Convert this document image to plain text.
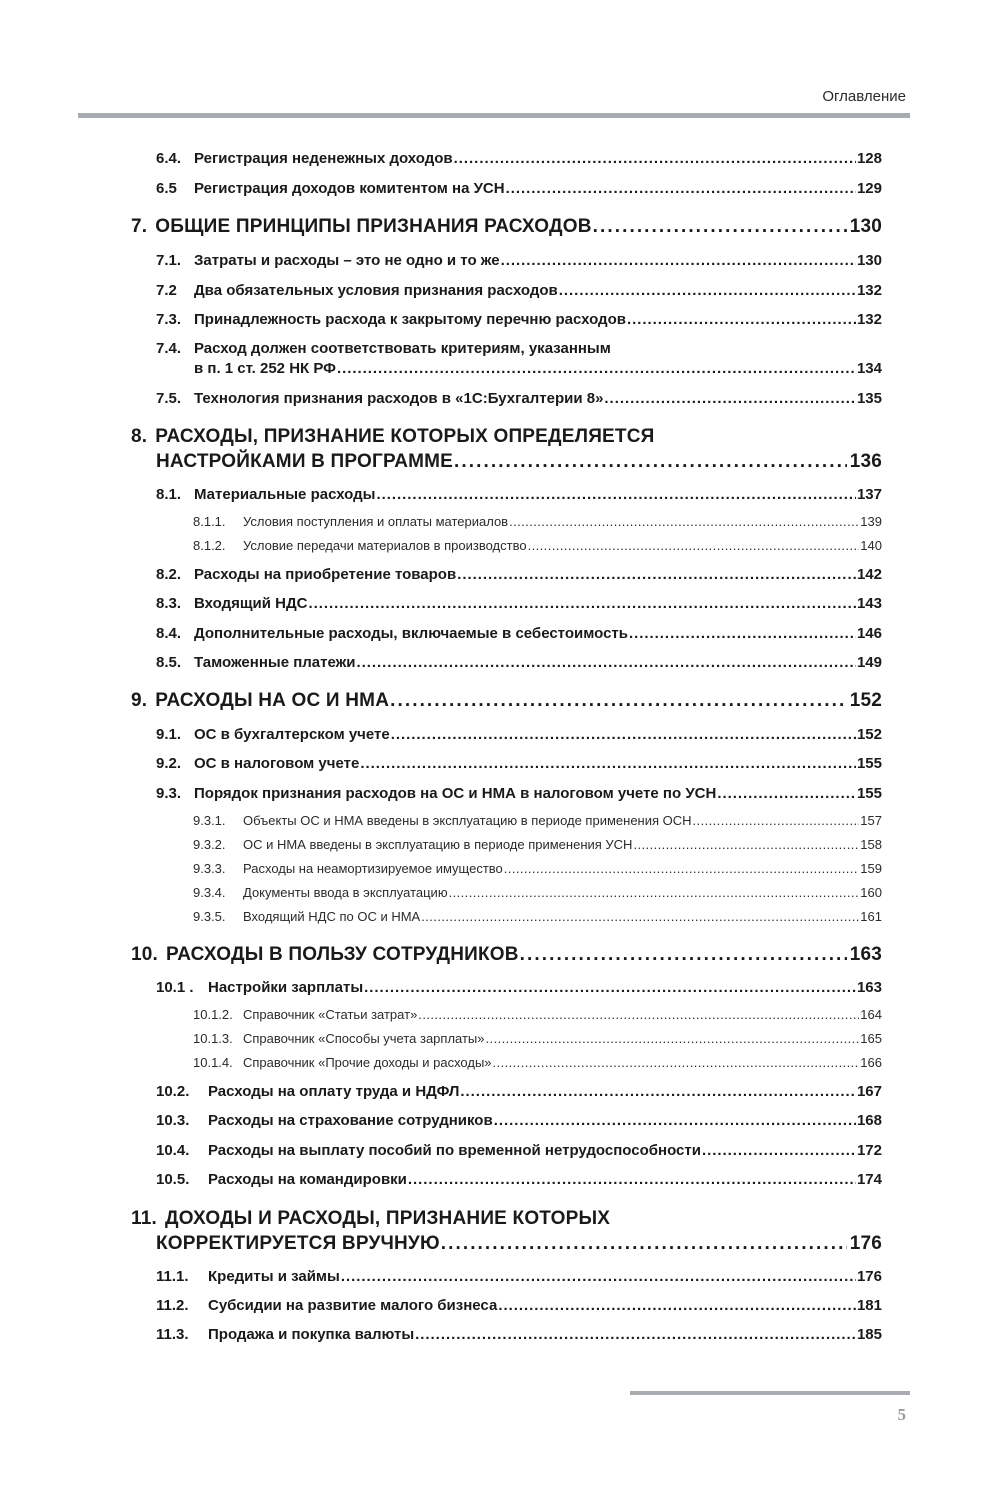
Оглавление
6.4. Регистрация неденежных доходов . . .	128
6.5	Регистрация доходов комитентом на УСН . . .	129
7. ОБЩИЕ ПРИНЦИПЫ ПРИЗНАНИЯ РАСХОДОВ . . .	130
7.1. Затраты и расходы – это не одно и то же . . .	130
7.2	Два обязательных условия признания расходов . . .	132
7.3. Принадлежность расхода к закрытому перечню расходов . . .	132
7.4. Расход должен соответствовать критериям, указанным
в п. 1 ст. 252 НК РФ . . .	134
7.5. Технология признания расходов в «1С:Бухгалтерии 8» . . .	135
8. РАСХОДЫ, ПРИЗНАНИЕ КОТОРЫХ ОПРЕДЕЛЯЕТСЯ
НАСТРОЙКАМИ В ПРОГРАММЕ . . .	136
8.1. Материальные расходы . . .	137
8.1.1.	Условия поступления и оплаты материалов . . .	139
8.1.2.	Условие передачи материалов в производство . . .	140
8.2. Расходы на приобретение товаров . . .	142
8.3. Входящий НДС . . .	143
8.4. Дополнительные расходы, включаемые в себестоимость . . .	146
8.5. Таможенные платежи . . .	149
9. РАСХОДЫ НА ОС И НМА . . .	152
9.1. ОС в бухгалтерском учете . . .	152
9.2. ОС в налоговом учете . . .	155
9.3. Порядок признания расходов на ОС и НМА в налоговом учете по УСН . . .	155
9.3.1.	Объекты ОС и НМА введены в эксплуатацию в периоде применения ОСН . . .	157
9.3.2.	ОС и НМА введены в эксплуатацию в периоде применения УСН . . .	158
9.3.3.	Расходы на неамортизируемое имущество . . .	159
9.3.4.	Документы ввода в эксплуатацию . . .	160
9.3.5.	Входящий НДС по ОС и НМА . . .	161
10. РАСХОДЫ В ПОЛЬЗУ СОТРУДНИКОВ . . .	163
10.1 . Настройки зарплаты . . .	163
10.1.2. Справочник «Статьи затрат» . . .	164
10.1.3. Справочник «Способы учета зарплаты» . . .	165
10.1.4. Справочник «Прочие доходы и расходы» . . .	166
10.2.	Расходы на оплату труда и НДФЛ . . .	167
10.3.	Расходы на страхование сотрудников . . .	168
10.4.	Расходы на выплату пособий по временной нетрудоспособности . . .	172
10.5.	Расходы на командировки . . .	174
11. ДОХОДЫ И РАСХОДЫ, ПРИЗНАНИЕ КОТОРЫХ
КОРРЕКТИРУЕТСЯ ВРУЧНУЮ . . .	176
11.1.	Кредиты и займы . . .	176
11.2.	Субсидии на развитие малого бизнеса . . .	181
11.3.	Продажа и покупка валюты . . .	185
5
